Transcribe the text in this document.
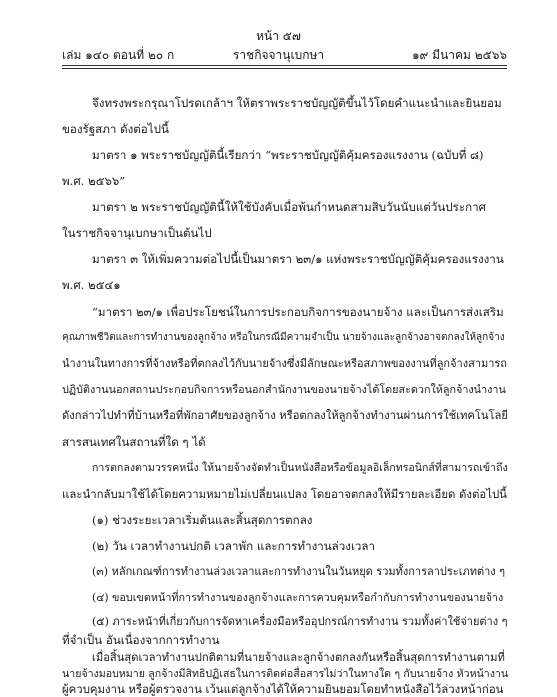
หน้า ๕๗
เล่ม ๑๔๐ ตอนที่ ๒๐ ก	ราชกิจจานุเบกษา	๑๙ มีนาคม ๒๕๖๖
จึงทรงพระกรุณาโปรดเกล้าฯ ให้ตราพระราชบัญญัติขึ้นไว้โดยคำแนะนำและยินยอม
ของรัฐสภา ดังต่อไปนี้
มาตรา ๑ พระราชบัญญัตินี้เรียกว่า “พระราชบัญญัติคุ้มครองแรงงาน (ฉบับที่ ๘)
พ.ศ. ๒๕๖๖”
มาตรา ๒ พระราชบัญญัตินี้ให้ใช้บังคับเมื่อพ้นกำหนดสามสิบวันนับแต่วันประกาศ
ในราชกิจจานุเบกษาเป็นต้นไป
มาตรา ๓ ให้เพิ่มความต่อไปนี้เป็นมาตรา ๒๓/๑ แห่งพระราชบัญญัติคุ้มครองแรงงาน
พ.ศ. ๒๕๔๑
“มาตรา ๒๓/๑ เพื่อประโยชน์ในการประกอบกิจการของนายจ้าง และเป็นการส่งเสริม
คุณภาพชีวิตและการทำงานของลูกจ้าง หรือในกรณีมีความจำเป็น นายจ้างและลูกจ้างอาจตกลงให้ลูกจ้าง
นำงานในทางการที่จ้างหรือที่ตกลงไว้กับนายจ้างซึ่งมีลักษณะหรือสภาพของงานที่ลูกจ้างสามารถ
ปฏิบัติงานนอกสถานประกอบกิจการหรือนอกสำนักงานของนายจ้างได้โดยสะดวกให้ลูกจ้างนำงาน
ดังกล่าวไปทำที่บ้านหรือที่พักอาศัยของลูกจ้าง หรือตกลงให้ลูกจ้างทำงานผ่านการใช้เทคโนโลยี
สารสนเทศในสถานที่ใด ๆ ได้
การตกลงตามวรรคหนึ่ง ให้นายจ้างจัดทำเป็นหนังสือหรือข้อมูลอิเล็กทรอนิกส์ที่สามารถเข้าถึง
และนำกลับมาใช้ได้โดยความหมายไม่เปลี่ยนแปลง โดยอาจตกลงให้มีรายละเอียด ดังต่อไปนี้
(๑) ช่วงระยะเวลาเริ่มต้นและสิ้นสุดการตกลง
(๒) วัน เวลาทำงานปกติ เวลาพัก และการทำงานล่วงเวลา
(๓) หลักเกณฑ์การทำงานล่วงเวลาและการทำงานในวันหยุด รวมทั้งการลาประเภทต่าง ๆ
(๔) ขอบเขตหน้าที่การทำงานของลูกจ้างและการควบคุมหรือกำกับการทำงานของนายจ้าง
(๕) ภาระหน้าที่เกี่ยวกับการจัดหาเครื่องมือหรืออุปกรณ์การทำงาน รวมทั้งค่าใช้จ่ายต่าง ๆ
ที่จำเป็น อันเนื่องจากการทำงาน
เมื่อสิ้นสุดเวลาทำงานปกติตามที่นายจ้างและลูกจ้างตกลงกันหรือสิ้นสุดการทำงานตามที่
นายจ้างมอบหมาย ลูกจ้างมีสิทธิปฏิเสธในการติดต่อสื่อสารไม่ว่าในทางใด ๆ กับนายจ้าง หัวหน้างาน
ผู้ควบคุมงาน หรือผู้ตรวจงาน เว้นแต่ลูกจ้างได้ให้ความยินยอมโดยทำหนังสือไว้ล่วงหน้าก่อน
